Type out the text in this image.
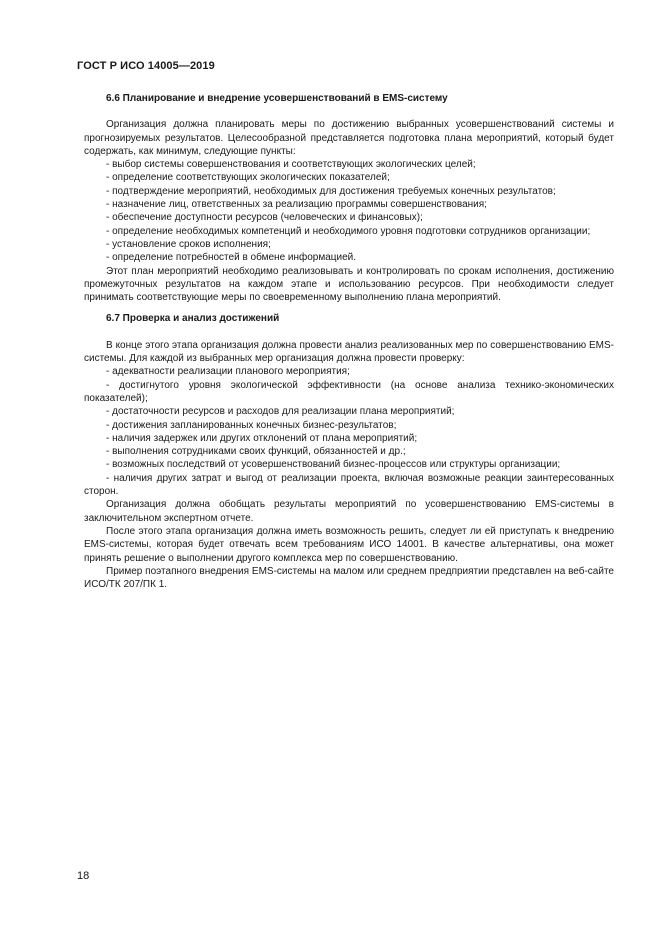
ГОСТ Р ИСО 14005—2019
6.6 Планирование и внедрение усовершенствований в EMS-систему
Организация должна планировать меры по достижению выбранных усовершенствований системы и прогнозируемых результатов. Целесообразной представляется подготовка плана мероприятий, который будет содержать, как минимум, следующие пункты:
- выбор системы совершенствования и соответствующих экологических целей;
- определение соответствующих экологических показателей;
- подтверждение мероприятий, необходимых для достижения требуемых конечных результатов;
- назначение лиц, ответственных за реализацию программы совершенствования;
- обеспечение доступности ресурсов (человеческих и финансовых);
- определение необходимых компетенций и необходимого уровня подготовки сотрудников организации;
- установление сроков исполнения;
- определение потребностей в обмене информацией.
Этот план мероприятий необходимо реализовывать и контролировать по срокам исполнения, достижению промежуточных результатов на каждом этапе и использованию ресурсов. При необходимости следует принимать соответствующие меры по своевременному выполнению плана мероприятий.
6.7 Проверка и анализ достижений
В конце этого этапа организация должна провести анализ реализованных мер по совершенствованию EMS-системы. Для каждой из выбранных мер организация должна провести проверку:
- адекватности реализации планового мероприятия;
- достигнутого уровня экологической эффективности (на основе анализа технико-экономических показателей);
- достаточности ресурсов и расходов для реализации плана мероприятий;
- достижения запланированных конечных бизнес-результатов;
- наличия задержек или других отклонений от плана мероприятий;
- выполнения сотрудниками своих функций, обязанностей и др.;
- возможных последствий от усовершенствований бизнес-процессов или структуры организации;
- наличия других затрат и выгод от реализации проекта, включая возможные реакции заинтересованных сторон.
Организация должна обобщать результаты мероприятий по усовершенствованию EMS-системы в заключительном экспертном отчете.
После этого этапа организация должна иметь возможность решить, следует ли ей приступать к внедрению EMS-системы, которая будет отвечать всем требованиям ИСО 14001. В качестве альтернативы, она может принять решение о выполнении другого комплекса мер по совершенствованию.
Пример поэтапного внедрения EMS-системы на малом или среднем предприятии представлен на веб-сайте ИСО/ТК 207/ПК 1.
18
